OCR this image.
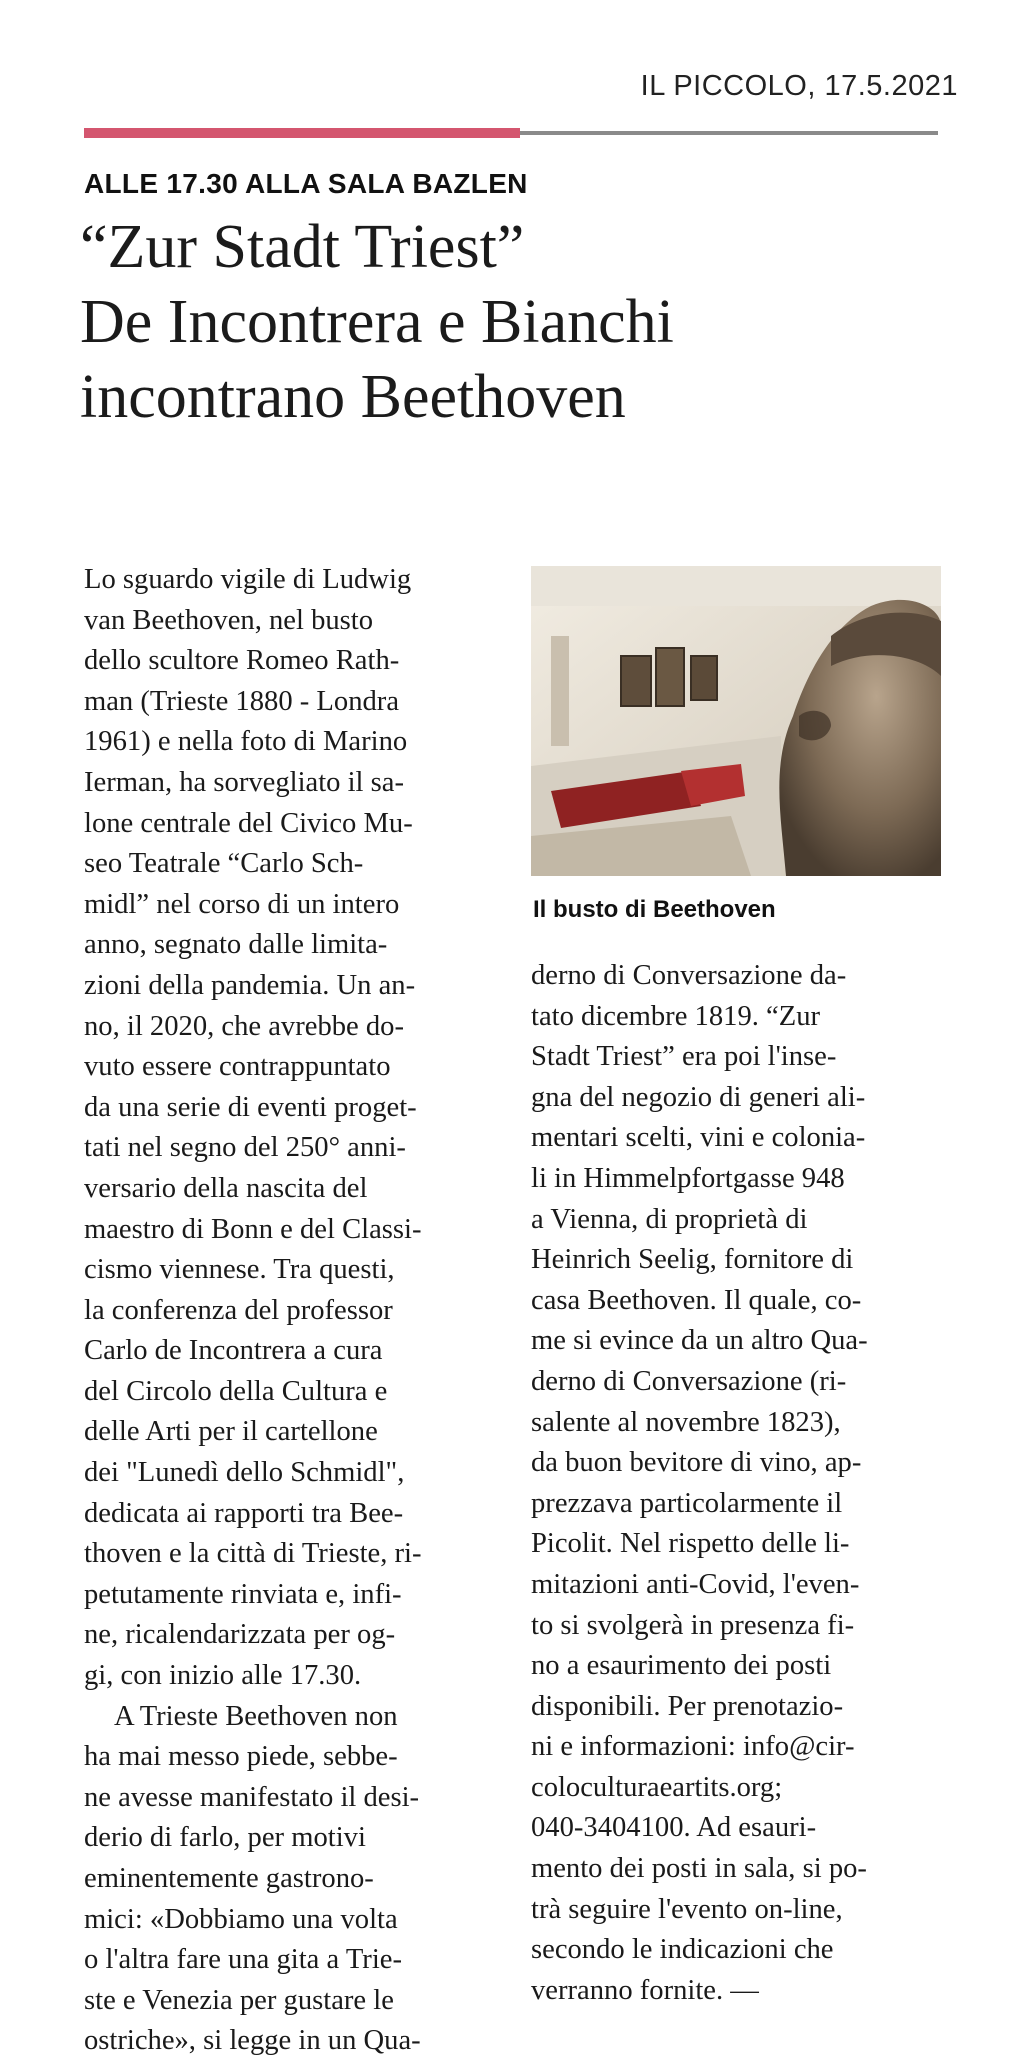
IL PICCOLO, 17.5.2021
ALLE 17.30 ALLA SALA BAZLEN
“Zur Stadt Triest”
De Incontrera e Bianchi
incontrano Beethoven
Lo sguardo vigile di Ludwig
van Beethoven, nel busto
dello scultore Romeo Rath-
man (Trieste 1880 - Londra
1961) e nella foto di Marino
Ierman, ha sorvegliato il sa-
lone centrale del Civico Mu-
seo Teatrale “Carlo Sch-
midl” nel corso di un intero
anno, segnato dalle limita-
zioni della pandemia. Un an-
no, il 2020, che avrebbe do-
vuto essere contrappuntato
da una serie di eventi proget-
tati nel segno del 250° anni-
versario della nascita del
maestro di Bonn e del Classi-
cismo viennese. Tra questi,
la conferenza del professor
Carlo de Incontrera a cura
del Circolo della Cultura e
delle Arti per il cartellone
dei "Lunedì dello Schmidl",
dedicata ai rapporti tra Bee-
thoven e la città di Trieste, ri-
petutamente rinviata e, infi-
ne, ricalendarizzata per og-
gi, con inizio alle 17.30.
A Trieste Beethoven non
ha mai messo piede, sebbe-
ne avesse manifestato il desi-
derio di farlo, per motivi
eminentemente gastrono-
mici: «Dobbiamo una volta
o l'altra fare una gita a Trie-
ste e Venezia per gustare le
ostriche», si legge in un Qua-
Il busto di Beethoven
derno di Conversazione da-
tato dicembre 1819. “Zur
Stadt Triest” era poi l'inse-
gna del negozio di generi ali-
mentari scelti, vini e colonia-
li in Himmelpfortgasse 948
a Vienna, di proprietà di
Heinrich Seelig, fornitore di
casa Beethoven. Il quale, co-
me si evince da un altro Qua-
derno di Conversazione (ri-
salente al novembre 1823),
da buon bevitore di vino, ap-
prezzava particolarmente il
Picolit. Nel rispetto delle li-
mitazioni anti-Covid, l'even-
to si svolgerà in presenza fi-
no a esaurimento dei posti
disponibili. Per prenotazio-
ni e informazioni: info@cir-
coloculturaeartits.org;
040-3404100. Ad esauri-
mento dei posti in sala, si po-
trà seguire l'evento on-line,
secondo le indicazioni che
verranno fornite. —
